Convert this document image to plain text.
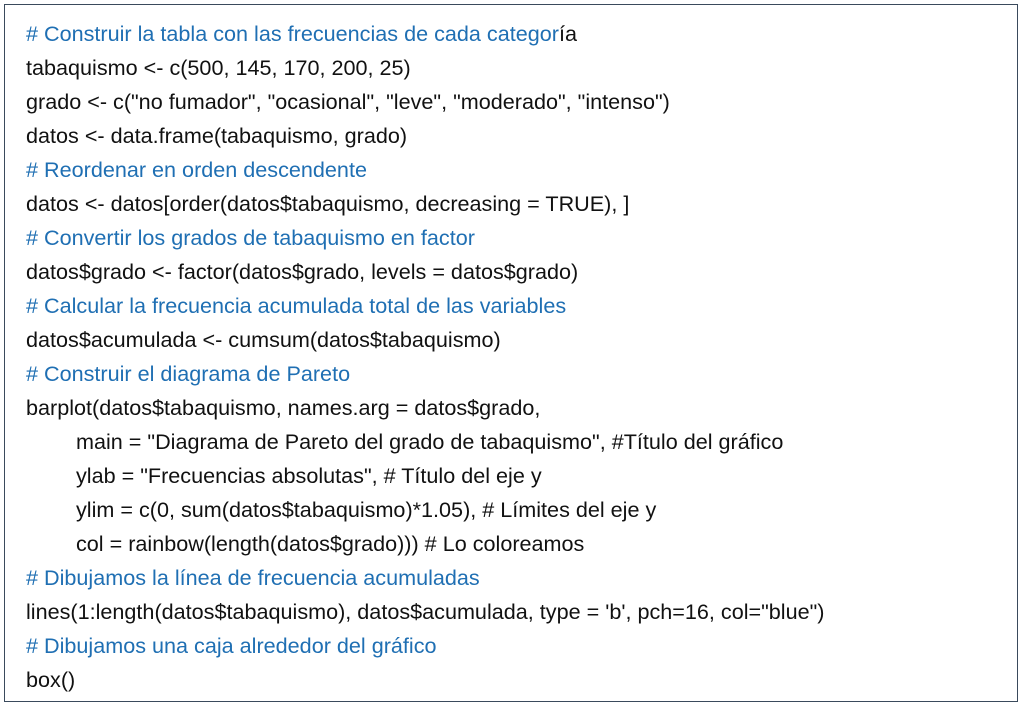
# Construir la tabla con las frecuencias de cada categoría
tabaquismo <- c(500, 145, 170, 200, 25)
grado <- c("no fumador", "ocasional", "leve", "moderado", "intenso")
datos <- data.frame(tabaquismo, grado)
# Reordenar en orden descendente
datos <- datos[order(datos$tabaquismo, decreasing = TRUE), ]
# Convertir los grados de tabaquismo en factor
datos$grado <- factor(datos$grado, levels = datos$grado)
# Calcular la frecuencia acumulada total de las variables
datos$acumulada <- cumsum(datos$tabaquismo)
# Construir el diagrama de Pareto
barplot(datos$tabaquismo, names.arg = datos$grado,
main = "Diagrama de Pareto del grado de tabaquismo", #Título del gráfico
ylab = "Frecuencias absolutas", # Título del eje y
ylim = c(0, sum(datos$tabaquismo)*1.05), # Límites del eje y
col = rainbow(length(datos$grado))) # Lo coloreamos
# Dibujamos la línea de frecuencia acumuladas
lines(1:length(datos$tabaquismo), datos$acumulada, type = 'b', pch=16, col="blue")
# Dibujamos una caja alrededor del gráfico
box()
